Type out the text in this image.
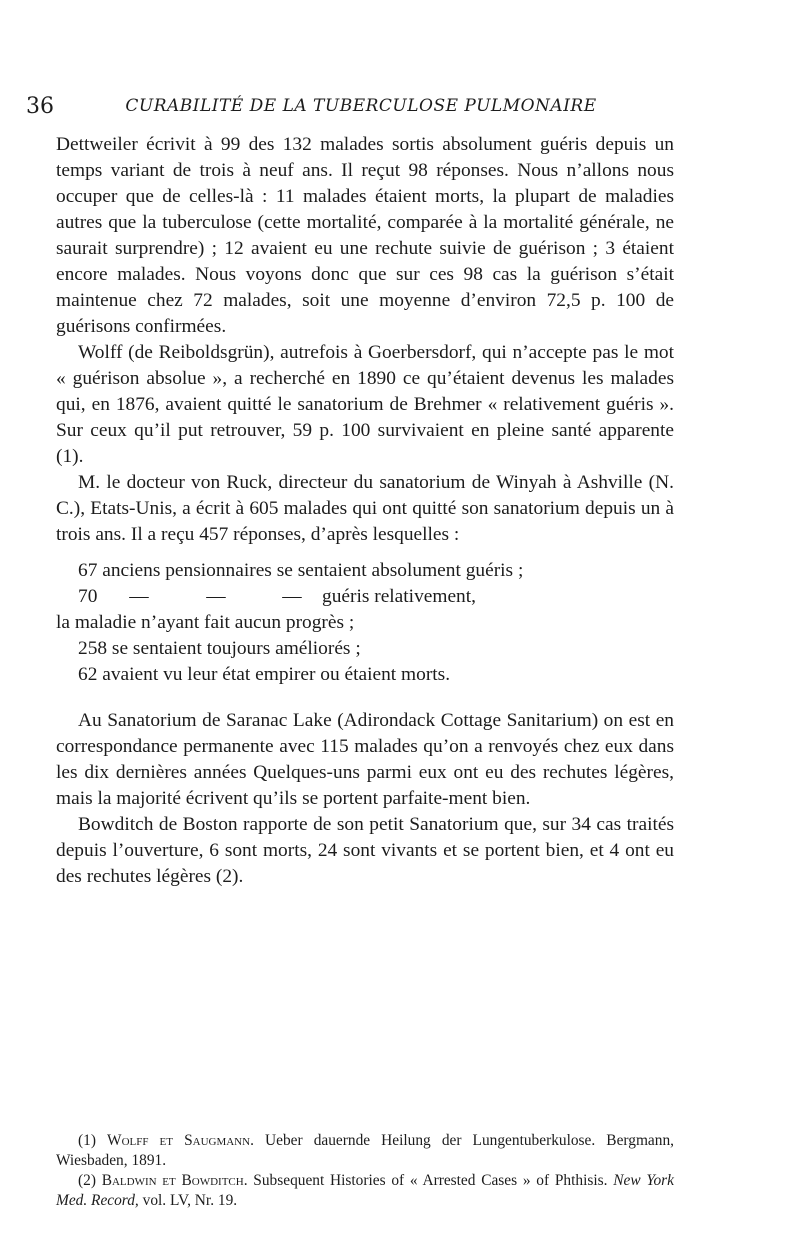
36	CURABILITÉ DE LA TUBERCULOSE PULMONAIRE

Dettweiler écrivit à 99 des 132 malades sortis absolument guéris depuis un temps variant de trois à neuf ans. Il reçut 98 réponses. Nous n’allons nous occuper que de celles-là : 11 malades étaient morts, la plupart de maladies autres que la tuberculose (cette mortalité, comparée à la mortalité générale, ne saurait surprendre) ; 12 avaient eu une rechute suivie de guérison ; 3 étaient encore malades. Nous voyons donc que sur ces 98 cas la guérison s’était maintenue chez 72 malades, soit une moyenne d’environ 72,5 p. 100 de guérisons confirmées.

Wolff (de Reiboldsgrün), autrefois à Goerbersdorf, qui n’accepte pas le mot « guérison absolue », a recherché en 1890 ce qu’étaient devenus les malades qui, en 1876, avaient quitté le sanatorium de Brehmer « relativement guéris ». Sur ceux qu’il put retrouver, 59 p. 100 survivaient en pleine santé apparente (1).

M. le docteur von Ruck, directeur du sanatorium de Winyah à Ashville (N. C.), Etats-Unis, a écrit à 605 malades qui ont quitté son sanatorium depuis un à trois ans. Il a reçu 457 réponses, d’après lesquelles :

67 anciens pensionnaires se sentaient absolument guéris ;
70	—	—	—	guéris relativement,
la maladie n’ayant fait aucun progrès ;
258 se sentaient toujours améliorés ;
62 avaient vu leur état empirer ou étaient morts.

Au Sanatorium de Saranac Lake (Adirondack Cottage Sanitarium) on est en correspondance permanente avec 115 malades qu’on a renvoyés chez eux dans les dix dernières années Quelques-uns parmi eux ont eu des rechutes légères, mais la majorité écrivent qu’ils se portent parfaite-ment bien.

Bowditch de Boston rapporte de son petit Sanatorium que, sur 34 cas traités depuis l’ouverture, 6 sont morts, 24 sont vivants et se portent bien, et 4 ont eu des rechutes légères (2).

(1) Wolff et Saugmann. Ueber dauernde Heilung der Lungentuberkulose. Bergmann, Wiesbaden, 1891.

(2) Baldwin et Bowditch. Subsequent Histories of « Arrested Cases » of Phthisis. New York Med. Record, vol. LV, Nr. 19.
